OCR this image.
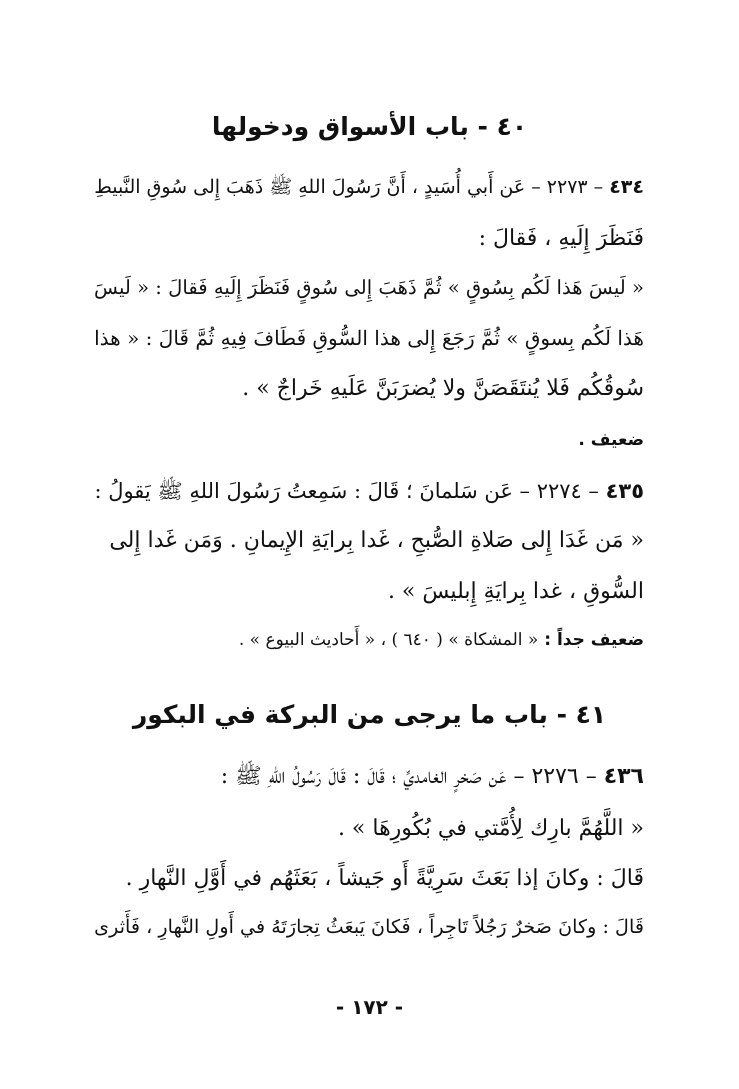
٤٠ - باب الأسواق ودخولها
٤٣٤ – ٢٢٧٣ – عَن أَبي أُسَيدٍ ، أَنَّ رَسُولَ اللهِ ﷺ ذَهَبَ إِلى سُوقِ النَّبيطِ
فَنَظَرَ إِلَيهِ ، فَقالَ :
« لَيسَ هَذا لَكُم بِسُوقٍ » ثُمَّ ذَهَبَ إِلى سُوقٍ فَنَظَرَ إِلَيهِ فَقالَ : « لَيسَ
هَذا لَكُم بِسوقٍ » ثُمَّ رَجَعَ إِلى هذا السُّوقِ فَطَافَ فِيهِ ثُمَّ قَالَ : « هذا
سُوقُكُم فَلا يُنتَقَصَنَّ ولا يُضرَبَنَّ عَلَيهِ خَراجٌ » .
ضعيف .
٤٣٥ – ٢٢٧٤ – عَن سَلمانَ ؛ قَالَ : سَمِعتُ رَسُولَ اللهِ ﷺ يَقولُ :
« مَن غَدَا إِلى صَلاةِ الصُّبحِ ، غَدا بِرايَةِ الإِيمانِ . وَمَن غَدا إِلى
السُّوقِ ، غدا بِرايَةِ إِبليسَ » .
ضعيف جداً : « المشكاة » ( ٦٤٠ ) ، « أَحاديث البيوع » .
٤١ - باب ما يرجى من البركة في البكور
٤٣٦ – ٢٢٧٦ – عَن صَخرٍ الغامديِّ ؛ قَالَ : قَالَ رَسُولُ اللهِ ﷺ :
« اللَّهُمَّ بارِك لِأُمَّتي في بُكُورِهَا » .
قَالَ : وكانَ إذا بَعَثَ سَرِيَّةً أَو جَيشاً ، بَعَثَهُم في أَوَّلِ النَّهارِ .
قَالَ : وكانَ صَخرٌ رَجُلاً تَاجِراً ، فَكانَ يَبعَثُ تِجارَتَهُ في أَولِ النَّهارِ ، فَأَثرى
- ١٧٢ -
